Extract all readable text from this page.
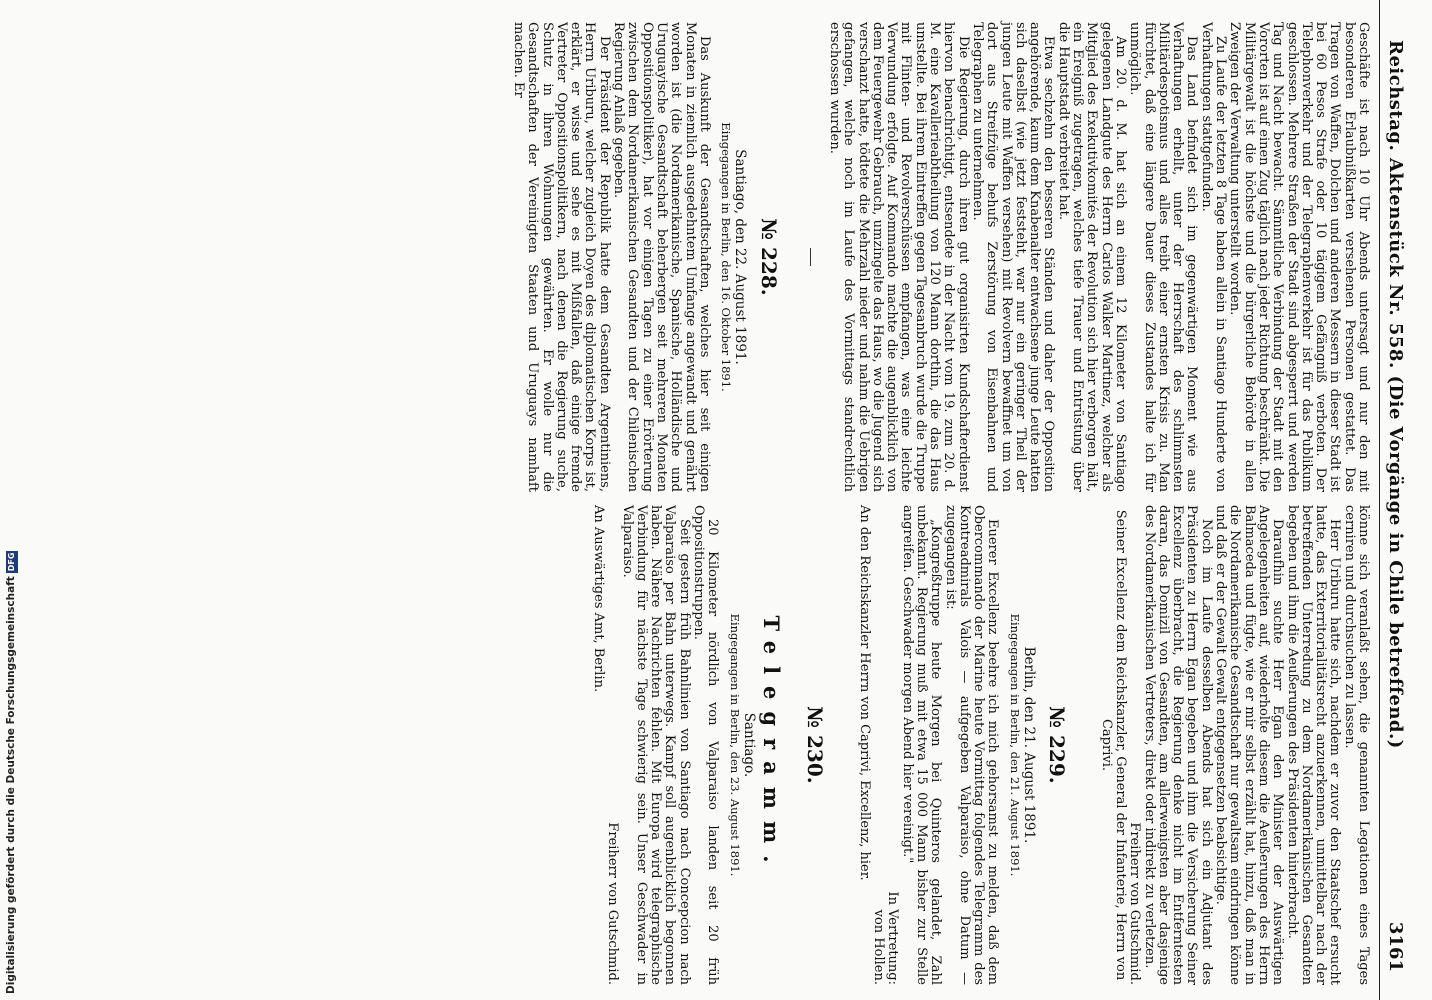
Reichstag. Aktenstück Nr. 558. (Die Vorgänge in Chile betreffend.)
3161

Geschäfte ist nach 10 Uhr Abends untersagt und nur den mit besonderen Erlaubnißkarten versehenen Personen gestattet. Das Tragen von Waffen, Dolchen und anderen Messern in dieser Stadt ist bei 60 Pesos Strafe oder 10 tägigem Gefängniß verboten. Der Telephonverkehr und der Telegraphenverkehr ist für das Publikum geschlossen. Mehrere Straßen der Stadt sind abgesperrt und werden Tag und Nacht bewacht. Sämmtliche Verbindung der Stadt mit den Vororten ist auf einen Zug täglich nach jeder Richtung beschränkt. Die Militärgewalt ist die höchste und die bürgerliche Behörde in allen Zweigen der Verwaltung unterstellt worden.

Zu Laufe der letzten 8 Tage haben allein in Santiago Hunderte von Verhaftungen stattgefunden.

Das Land befindet sich im gegenwärtigen Moment wie aus Verhaftungen erhellt, unter der Herrschaft des schlimmsten Militärdespotismus und alles treibt einer ernsten Krisis zu. Man fürchtet, daß eine längere Dauer dieses Zustandes halte ich für unmöglich.

Am 20. d. M. hat sich an einem 12 Kilometer von Santiago gelegenen Landgute des Herrn Carlos Walker Martinez, welcher als Mitglied des Exekutivkomités der Revolution sich hier verborgen hält, ein Ereigniß zugetragen, welches tiefe Trauer und Entrüstung über die Hauptstadt verbreitet hat.

Etwa sechzehn den besseren Ständen und daher der Opposition angehörende, kaum dem Knabenalter entwachsene junge Leute hatten sich daselbst (wie jetzt feststeht, war nur ein geringer Theil der jungen Leute mit Waffen versehen) mit Revolvern bewaffnet um von dort aus Streifzüge behufs Zerstörung von Eisenbahnen und Telegraphen zu unternehmen.

Die Regierung, durch ihren gut organisirten Kundschafterdienst hiervon benachrichtigt, entsendete in der Nacht vom 19. zum 20. d. M. eine Kavallerieabtheilung von 120 Mann dorthin, die das Haus umstellte. Bei ihrem Eintreffen gegen Tagesanbruch wurde die Truppe mit Flinten- und Revolverschüssen empfangen, was eine leichte Verwundung erfolgte. Auf Kommando machte die augenblicklich von dem Feuergewehr Gebrauch, umzingelte das Haus, wo die Jugend sich verschanzt hatte, tödtete die Mehrzahl nieder und nahm die Uebrigen gefangen, welche noch im Laufe des Vormittags standrechtlich erschossen wurden.

№ 228.
Santiago, den 22. August 1891.
Eingegangen in Berlin, den 16. Oktober 1891.

Das Auskunft der Gesandtschaften, welches hier seit einigen Monaten in ziemlich ausgedehntem Umfange angewandt und genährt worden ist (die Nordamerikanische, Spanische, Holländische und Uruguayische Gesandtschaft beherbergen seit mehreren Monaten Oppositionspolitiker), hat vor einigen Tagen zu einer Erörterung zwischen dem Nordamerikanischen Gesandten und der Chilenischen Regierung Anlaß gegeben.

Der Präsident der Republik hatte dem Gesandten Argentiniens, Herrn Uriburu, welcher zugleich Doyen des diplomatischen Korps ist, erklärt, er wisse und sehe es mit Mißfallen, daß einige fremde Vertreter Oppositionspolitikern, nach denen die Regierung suche, Schutz in ihren Wohnungen gewährten. Er wolle nur die Gesandtschaften der Vereinigten Staaten und Uruguays namhaft machen. Er

könne sich veranlaßt sehen, die genannten Legationen eines Tages cerniren und durchsuchen zu lassen.

Herr Uriburu hatte sich, nachdem er zuvor den Staatschef ersucht hatte, das Exterritorialitätsrecht anzuerkennen, unmittelbar nach der betreffenden Unterredung zu dem Nordamerikanischen Gesandten begeben und ihm die Aeußerungen des Präsidenten hinterbracht.

Daraufhin suchte Herr Egan den Minister der Auswärtigen Angelegenheiten auf, wiederholte diesem die Aeußerungen des Herrn Balmaceda und fügte, wie er mir selbst erzählt hat, hinzu, daß man in die Nordamerikanische Gesandtschaft nur gewaltsam eindringen könne und daß er der Gewalt Gewalt entgegensetzen beabsichtige.

Noch im Laufe desselben Abends hat sich ein Adjutant des Präsidenten zu Herrn Egan begeben und ihm die Versicherung Seiner Excellenz überbracht, die Regierung denke nicht im Entferntesten daran, das Domizil von Gesandten, am allerwenigsten aber dasjenige des Nordamerikanischen Vertreters, direkt oder indirekt zu verletzen.

Freiherr von Gutschmid.

Seiner Excellenz dem Reichskanzler, General der Infanterie, Herrn von Caprivi.

№ 229.
Berlin, den 21. August 1891.
Eingegangen in Berlin, den 21. August 1891.

Euerer Excellenz beehre ich mich gehorsamst zu melden, daß dem Obercommando der Marine heute Vormittag folgendes Telegramm des Kontreadmirals Valois — aufgegeben Valparaiso, ohne Datum — zugegangen ist:

„Kongreßtruppe heute Morgen bei Quinteros gelandet, Zahl unbekannt. Regierung muß mit etwa 15 000 Mann bisher zur Stelle angreifen. Geschwader morgen Abend hier vereinigt."

In Vertretung:

von Hollen.

An den Reichskanzler Herrn von Caprivi, Excellenz, hier.

№ 230.
Telegramm.
Santiago.
Eingegangen in Berlin, den 23. August 1891.

20 Kilometer nördlich von Valparaiso landen seit 20 früh Oppositionstruppen.

Seit gestern früh Bahnlinien von Santiago nach Concepcion nach Valparaiso per Bahn unterwegs. Kampf soll augenblicklich begonnen haben. Nähere Nachrichten fehlen. Mit Europa wird telegraphische Verbindung für nächste Tage schwierig sein. Unser Geschwader in Valparaiso.

Freiherr von Gutschmid.

An Auswärtiges Amt, Berlin.

Digitalisierung gefördert durch die Deutsche ForschungsgemeinschaftDFG
